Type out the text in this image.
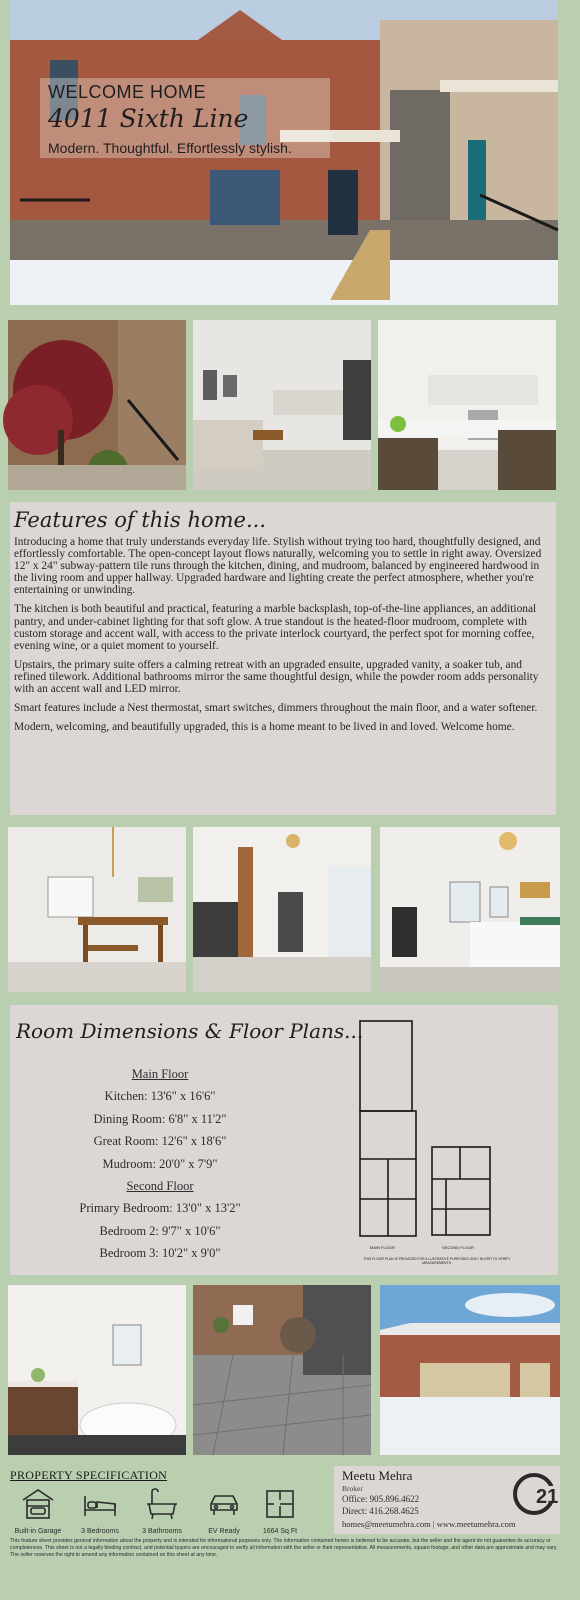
WELCOME HOME
4011 Sixth Line
Modern. Thoughtful. Effortlessly stylish.
Features of this home...

Introducing a home that truly understands everyday life. Stylish without trying too hard, thoughtfully designed, and effortlessly comfortable. The open-concept layout flows naturally, welcoming you to settle in right away. Oversized 12" x 24" subway-pattern tile runs through the kitchen, dining, and mudroom, balanced by engineered hardwood in the living room and upper hallway. Upgraded hardware and lighting create the perfect atmosphere, whether you're entertaining or unwinding.

The kitchen is both beautiful and practical, featuring a marble backsplash, top-of-the-line appliances, an additional pantry, and under-cabinet lighting for that soft glow. A true standout is the heated-floor mudroom, complete with custom storage and accent wall, with access to the private interlock courtyard, the perfect spot for morning coffee, evening wine, or a quiet moment to yourself.

Upstairs, the primary suite offers a calming retreat with an upgraded ensuite, upgraded vanity, a soaker tub, and refined tilework. Additional bathrooms mirror the same thoughtful design, while the powder room adds personality with an accent wall and LED mirror.

Smart features include a Nest thermostat, smart switches, dimmers throughout the main floor, and a water softener.

Modern, welcoming, and beautifully upgraded, this is a home meant to be lived in and loved. Welcome home.

Room Dimensions & Floor Plans...
Main Floor
Kitchen: 13'6" x 16'6"
Dining Room: 6'8" x 11'2"
Great Room: 12'6" x 18'6"
Mudroom: 20'0" x 7'9"
Second Floor
Primary Bedroom: 13'0" x 13'2"
Bedroom 2: 9'7" x 10'6"
Bedroom 3: 10'2" x 9'0"	MAIN FLOOR	SECOND FLOOR
THIS FLOOR PLAN IS PROVIDED FOR ILLUSTRATIVE PURPOSES ONLY. BUYER TO VERIFY MEASUREMENTS.
PROPERTY SPECIFICATION
Built-in Garage	3 Bedrooms	3 Bathrooms	EV Ready	1664 Sq Ft
Meetu Mehra
Broker
Office: 905.896.4622
Direct: 416.268.4625
homes@meetumehra.com | www.meetumehra.com
21
This feature sheet provides general information about the property and is intended for informational purposes only. The information contained herein is believed to be accurate, but the seller and the agent do not guarantee its accuracy or completeness. This sheet is not a legally binding contract, and potential buyers are encouraged to verify all information with the seller or their representative. All measurements, square footage, and other data are approximate and may vary. The seller reserves the right to amend any information contained on this sheet at any time.
